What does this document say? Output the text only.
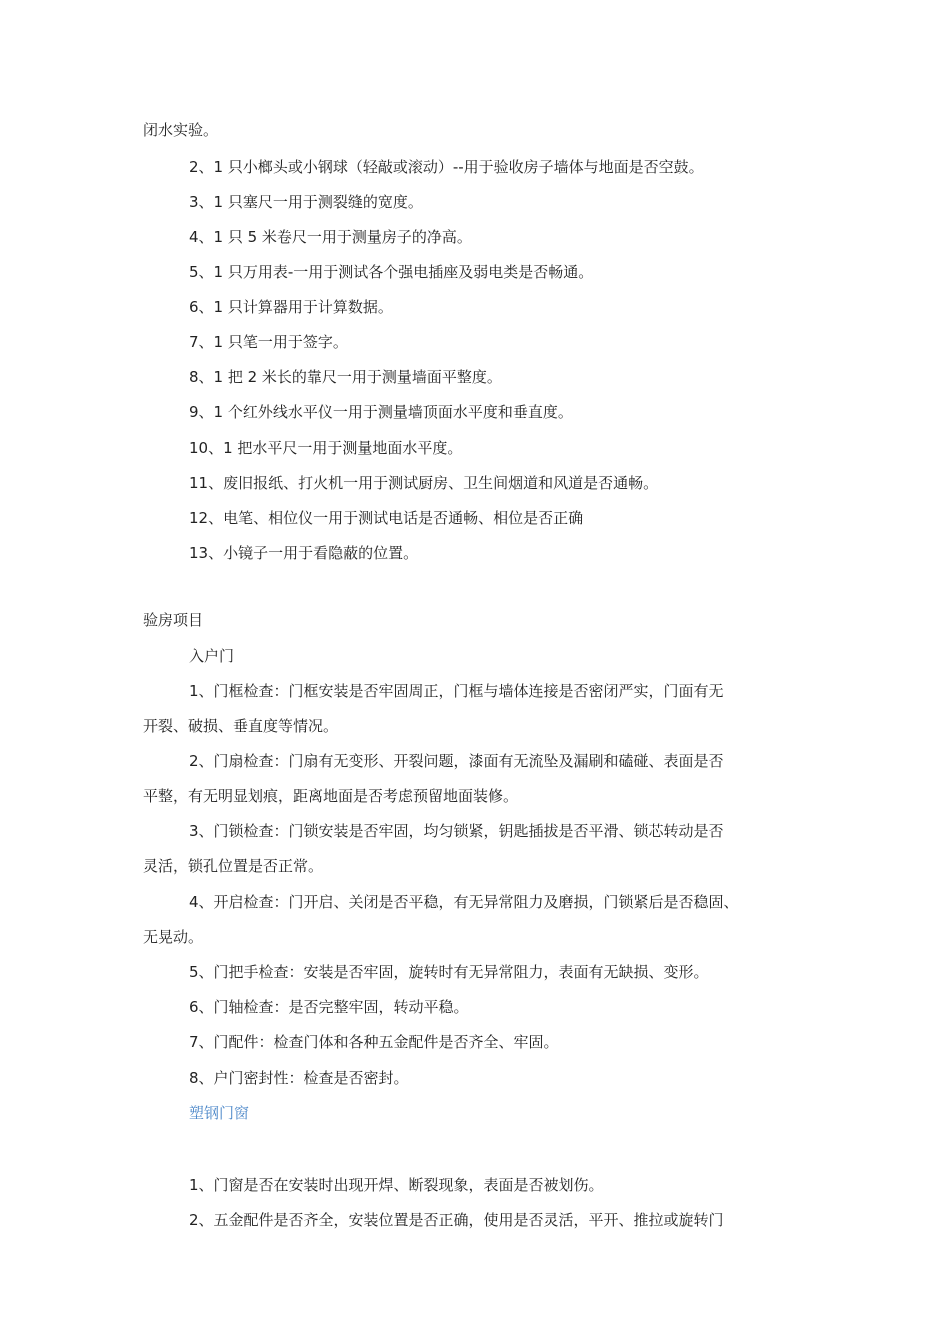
闭水实验。
2、1 只小榔头或小钢球（轻敲或滚动）--用于验收房子墙体与地面是否空鼓。
3、1 只塞尺一用于测裂缝的宽度。
4、1 只 5 米卷尺一用于测量房子的净高。
5、1 只万用表-一用于测试各个强电插座及弱电类是否畅通。
6、1 只计算器用于计算数据。
7、1 只笔一用于签字。
8、1 把 2 米长的靠尺一用于测量墙面平整度。
9、1 个红外线水平仪一用于测量墙顶面水平度和垂直度。
10、1 把水平尺一用于测量地面水平度。
11、废旧报纸、打火机一用于测试厨房、卫生间烟道和风道是否通畅。
12、电笔、相位仪一用于测试电话是否通畅、相位是否正确
13、小镜子一用于看隐蔽的位置。
验房项目
入户门
1、门框检查：门框安装是否牢固周正，门框与墙体连接是否密闭严实，门面有无
开裂、破损、垂直度等情况。
2、门扇检查：门扇有无变形、开裂问题，漆面有无流坠及漏刷和磕碰、表面是否
平整，有无明显划痕，距离地面是否考虑预留地面装修。
3、门锁检查：门锁安装是否牢固，均匀锁紧，钥匙插拔是否平滑、锁芯转动是否
灵活，锁孔位置是否正常。
4、开启检查：门开启、关闭是否平稳，有无异常阻力及磨损，门锁紧后是否稳固、
无晃动。
5、门把手检查：安装是否牢固，旋转时有无异常阻力，表面有无缺损、变形。
6、门轴检查：是否完整牢固，转动平稳。
7、门配件：检查门体和各种五金配件是否齐全、牢固。
8、户门密封性：检查是否密封。
塑钢门窗
1、门窗是否在安装时出现开焊、断裂现象，表面是否被划伤。
2、五金配件是否齐全，安装位置是否正确，使用是否灵活，平开、推拉或旋转门
